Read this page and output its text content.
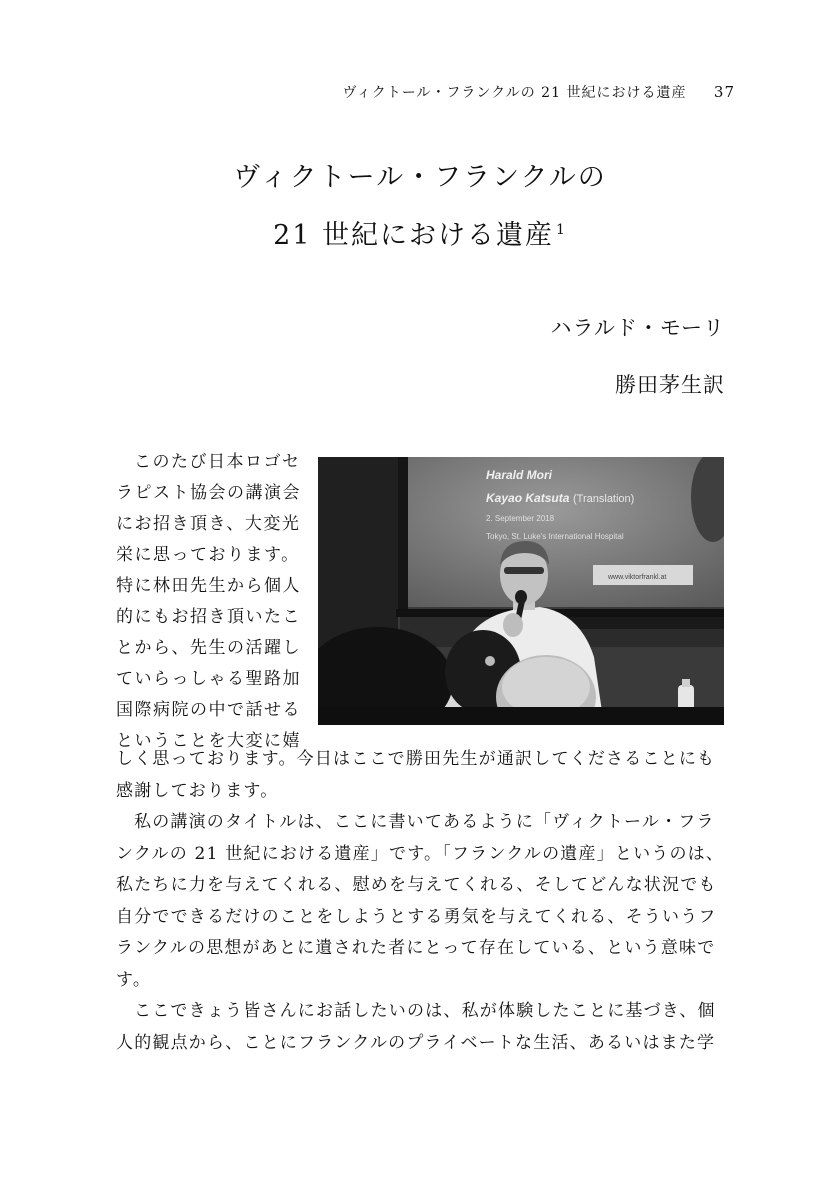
ヴィクトール・フランクルの 21 世紀における遺産 37
ヴィクトール・フランクルの
21 世紀における遺産 $^1$
ハラルド・モーリ
勝田茅生訳
このたび日本ロゴセ
ラピスト協会の講演会
にお招き頂き、大変光
栄に思っております。
特に林田先生から個人
的にもお招き頂いたこ
とから、先生の活躍し
ていらっしゃる聖路加
国際病院の中で話せる
ということを大変に嬉
Harald Mori
Kayao Katsuta (Translation)
2. September 2018
Tokyo, St. Luke's International Hospital
www.viktorfrankl.at
しく思っております。今日はここで勝田先生が通訳してくださることにも
感謝しております。
私の講演のタイトルは、ここに書いてあるように「ヴィクトール・フラ
ンクルの 21 世紀における遺産」です。「フランクルの遺産」というのは、
私たちに力を与えてくれる、慰めを与えてくれる、そしてどんな状況でも
自分でできるだけのことをしようとする勇気を与えてくれる、そういうフ
ランクルの思想があとに遺された者にとって存在している、という意味で
す。
ここできょう皆さんにお話したいのは、私が体験したことに基づき、個
人的観点から、ことにフランクルのプライベートな生活、あるいはまた学
